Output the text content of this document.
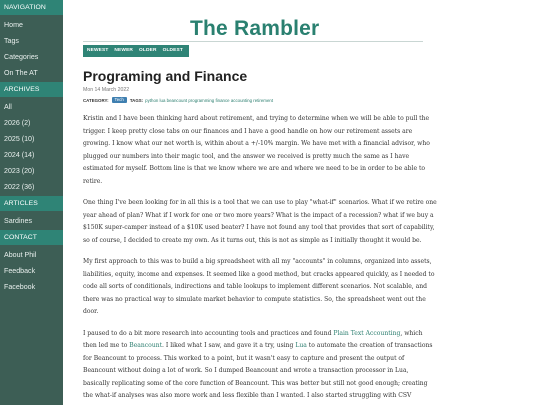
NAVIGATION
Home
Tags
Categories
On The AT
ARCHIVES
All
2026 (2)
2025 (10)
2024 (14)
2023 (20)
2022 (36)
ARTICLES
Sardines
CONTACT
About Phil
Feedback
Facebook
The Rambler
NEWEST NEWER OLDER OLDEST
Programing and Finance
Mon 14 March 2022
CATEGORY:	Tech	TAGS: python lua beancount programming finance accounting retirement

Kristin and I have been thinking hard about retirement, and trying to determine when we will be able to pull the trigger. I keep pretty close tabs on our finances and I have a good handle on how our retirement assets are growing. I know what our net worth is, within about a +/-10% margin. We have met with a financial advisor, who plugged our numbers into their magic tool, and the answer we received is pretty much the same as I have estimated for myself. Bottom line is that we know where we are and where we need to be in order to be able to retire.

One thing I've been looking for in all this is a tool that we can use to play "what-if" scenarios. What if we retire one year ahead of plan? What if I work for one or two more years? What is the impact of a recession? what if we buy a $150K super-camper instead of a $10K used beater? I have not found any tool that provides that sort of capability, so of course, I decided to create my own. As it turns out, this is not as simple as I initially thought it would be.

My first approach to this was to build a big spreadsheet with all my "accounts" in columns, organized into assets, liabilities, equity, income and expenses. It seemed like a good method, but cracks appeared quickly, as I needed to code all sorts of conditionals, indirections and table lookups to implement different scenarios. Not scalable, and there was no practical way to simulate market behavior to compute statistics. So, the spreadsheet went out the door.

I paused to do a bit more research into accounting tools and practices and found Plain Text Accounting, which then led me to Beancount. I liked what I saw, and gave it a try, using Lua to automate the creation of transactions for Beancount to process. This worked to a point, but it wasn't easy to capture and present the output of Beancount without doing a lot of work. So I dumped Beancount and wrote a transaction processor in Lua, basically replicating some of the core function of Beancount. This was better but still not good enough; creating the what-if analyses was also more work and less flexible than I wanted. I also started struggling with CSV
